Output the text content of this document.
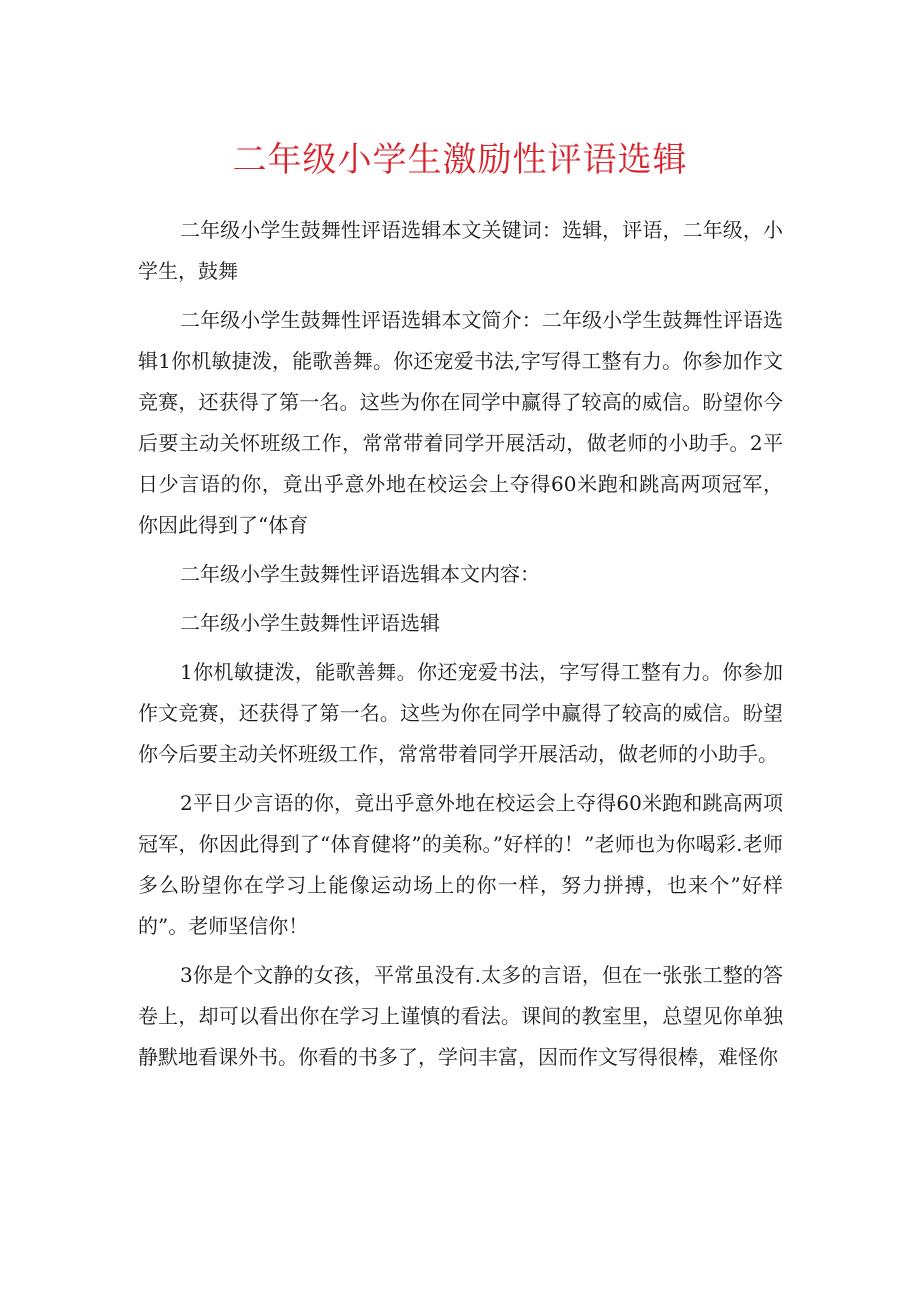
二年级小学生激励性评语选辑

二年级小学生鼓舞性评语选辑本文关键词：选辑，评语，二年级，小学生，鼓舞

二年级小学生鼓舞性评语选辑本文简介：二年级小学生鼓舞性评语选辑1你机敏捷泼，能歌善舞。你还宠爱书法,字写得工整有力。你参加作文竞赛，还获得了第一名。这些为你在同学中赢得了较高的威信。盼望你今后要主动关怀班级工作，常常带着同学开展活动，做老师的小助手。2平日少言语的你，竟出乎意外地在校运会上夺得60米跑和跳高两项冠军，你因此得到了“体育

二年级小学生鼓舞性评语选辑本文内容：

二年级小学生鼓舞性评语选辑

1你机敏捷泼，能歌善舞。你还宠爱书法，字写得工整有力。你参加作文竞赛，还获得了第一名。这些为你在同学中赢得了较高的威信。盼望你今后要主动关怀班级工作，常常带着同学开展活动，做老师的小助手。

2平日少言语的你，竟出乎意外地在校运会上夺得60米跑和跳高两项冠军，你因此得到了“体育健将”的美称。”好样的！”老师也为你喝彩.老师多么盼望你在学习上能像运动场上的你一样，努力拼搏，也来个”好样的”。老师坚信你！

3你是个文静的女孩，平常虽没有.太多的言语，但在一张张工整的答卷上，却可以看出你在学习上谨慎的看法。课间的教室里，总望见你单独静默地看课外书。你看的书多了，学问丰富，因而作文写得很棒，难怪你
